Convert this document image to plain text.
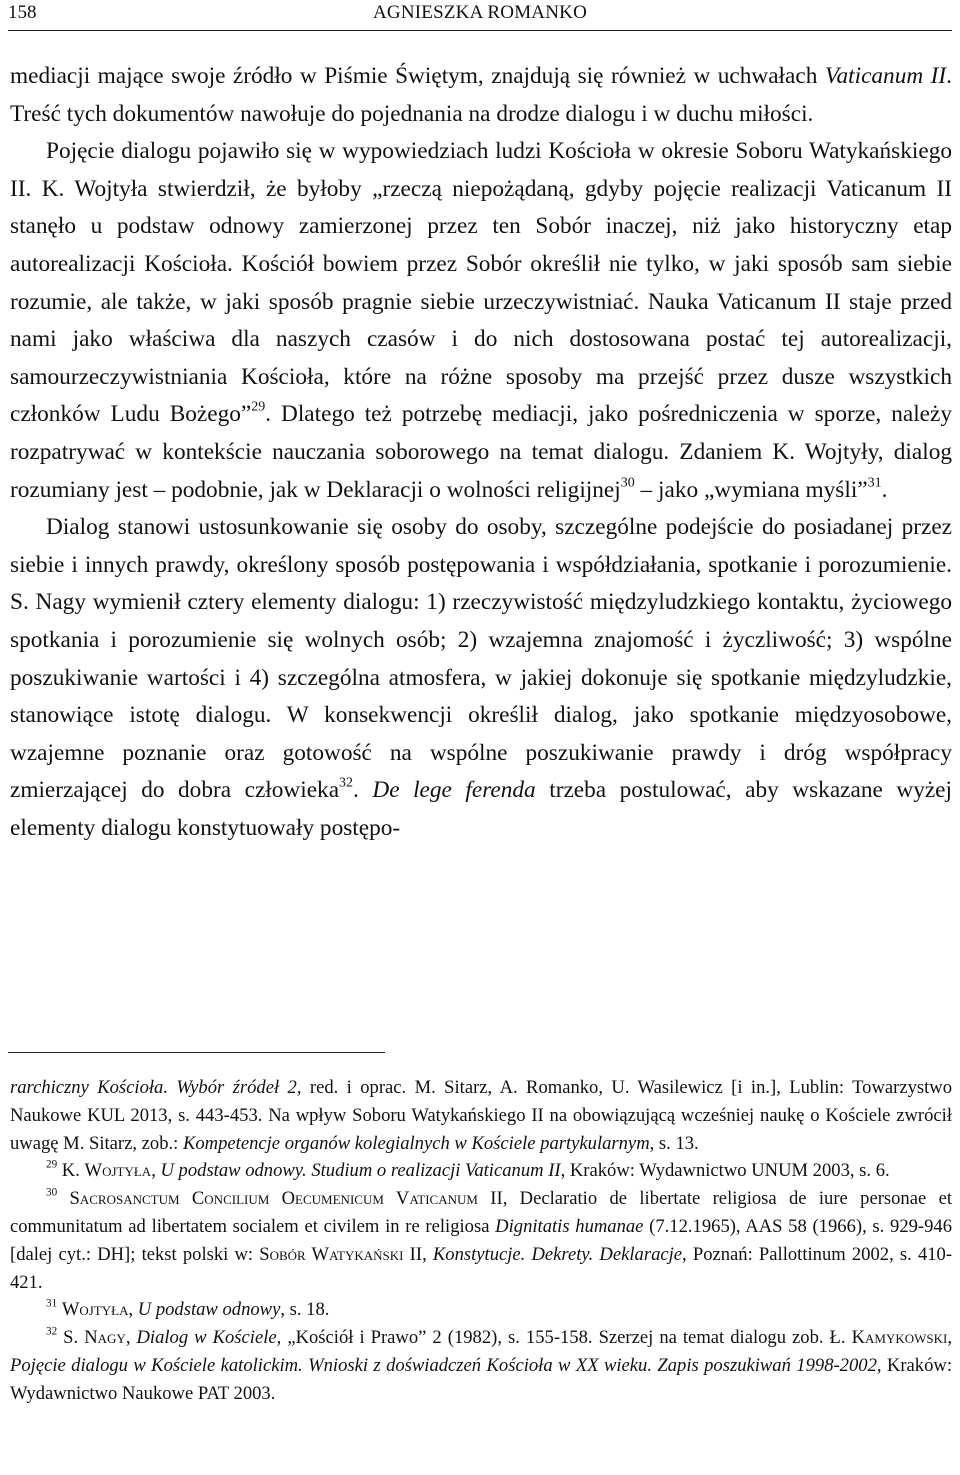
158	AGNIESZKA ROMANKO

mediacji mające swoje źródło w Piśmie Świętym, znajdują się również w uchwałach Vaticanum II. Treść tych dokumentów nawołuje do pojednania na drodze dialogu i w duchu miłości.

Pojęcie dialogu pojawiło się w wypowiedziach ludzi Kościoła w okresie Soboru Watykańskiego II. K. Wojtyła stwierdził, że byłoby „rzeczą niepożądaną, gdyby pojęcie realizacji Vaticanum II stanęło u podstaw odnowy zamierzonej przez ten Sobór inaczej, niż jako historyczny etap autorealizacji Kościoła. Kościół bowiem przez Sobór określił nie tylko, w jaki sposób sam siebie rozumie, ale także, w jaki sposób pragnie siebie urzeczywistniać. Nauka Vaticanum II staje przed nami jako właściwa dla naszych czasów i do nich dostosowana postać tej autorealizacji, samourzeczywistniania Kościoła, które na różne sposoby ma przejść przez dusze wszystkich członków Ludu Bożego”$^{29}$. Dlatego też potrzebę mediacji, jako pośredniczenia w sporze, należy rozpatrywać w kontekście nauczania soborowego na temat dialogu. Zdaniem K. Wojtyły, dialog rozumiany jest – podobnie, jak w Deklaracji o wolności religijnej$^{30}$ – jako „wymiana myśli”$^{31}$.

Dialog stanowi ustosunkowanie się osoby do osoby, szczególne podejście do posiadanej przez siebie i innych prawdy, określony sposób postępowania i współdziałania, spotkanie i porozumienie. S. Nagy wymienił cztery elementy dialogu: 1) rzeczywistość międzyludzkiego kontaktu, życiowego spotkania i porozumienie się wolnych osób; 2) wzajemna znajomość i życzliwość; 3) wspólne poszukiwanie wartości i 4) szczególna atmosfera, w jakiej dokonuje się spotkanie międzyludzkie, stanowiące istotę dialogu. W konsekwencji określił dialog, jako spotkanie międzyosobowe, wzajemne poznanie oraz gotowość na wspólne poszukiwanie prawdy i dróg współpracy zmierzającej do dobra człowieka$^{32}$. De lege ferenda trzeba postulować, aby wskazane wyżej elementy dialogu konstytuowały postępo-

rarchiczny Kościoła. Wybór źródeł 2, red. i oprac. M. Sitarz, A. Romanko, U. Wasilewicz [i in.], Lublin: Towarzystwo Naukowe KUL 2013, s. 443-453. Na wpływ Soboru Watykańskiego II na obowiązującą wcześniej naukę o Kościele zwrócił uwagę M. Sitarz, zob.: Kompetencje organów kolegialnych w Kościele partykularnym, s. 13.

$^{29}$ K. Wojtyła, U podstaw odnowy. Studium o realizacji Vaticanum II, Kraków: Wydawnictwo UNUM 2003, s. 6.

$^{30}$ Sacrosanctum Concilium Oecumenicum Vaticanum II, Declaratio de libertate religiosa de iure personae et communitatum ad libertatem socialem et civilem in re religiosa Dignitatis humanae (7.12.1965), AAS 58 (1966), s. 929-946 [dalej cyt.: DH]; tekst polski w: Sobór Watykański II, Konstytucje. Dekrety. Deklaracje, Poznań: Pallottinum 2002, s. 410-421.

$^{31}$ Wojtyła, U podstaw odnowy, s. 18.

$^{32}$ S. Nagy, Dialog w Kościele, „Kościół i Prawo” 2 (1982), s. 155-158. Szerzej na temat dialogu zob. Ł. Kamykowski, Pojęcie dialogu w Kościele katolickim. Wnioski z doświadczeń Kościoła w XX wieku. Zapis poszukiwań 1998-2002, Kraków: Wydawnictwo Naukowe PAT 2003.
